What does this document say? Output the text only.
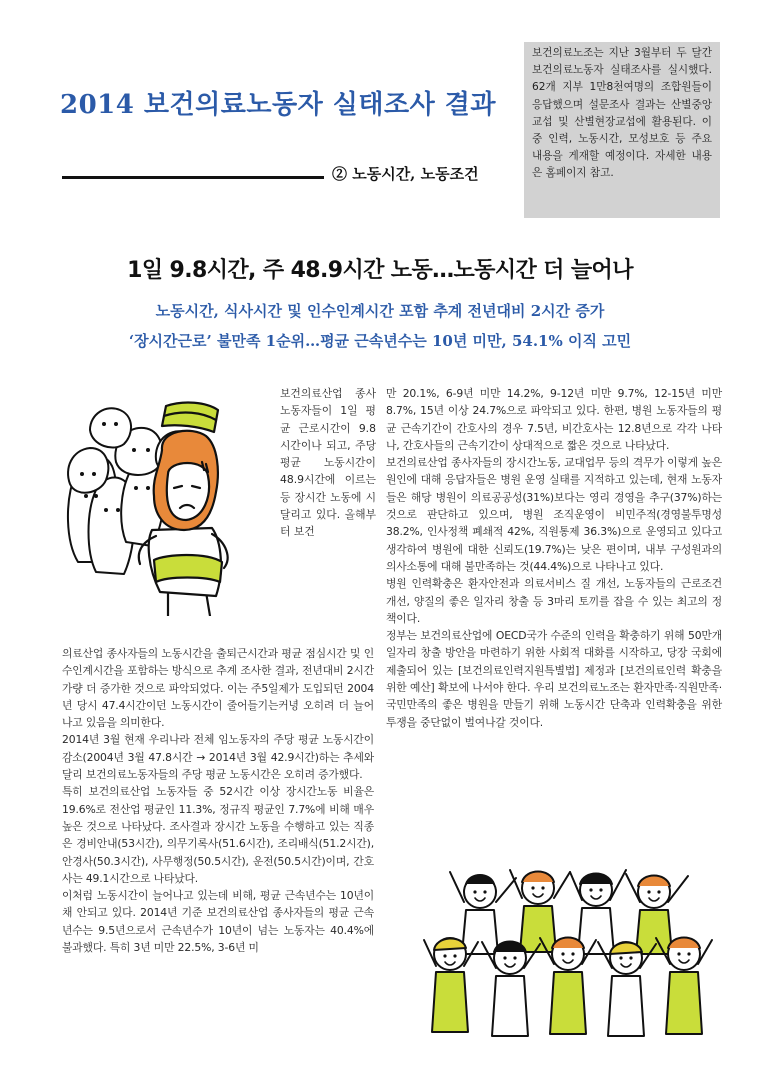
2014 보건의료노동자 실태조사 결과
② 노동시간, 노동조건
보건의료노조는 지난 3월부터 두 달간 보건의료노동자 실태조사를 실시했다. 62개 지부 1만8천여명의 조합원들이 응답했으며 설문조사 결과는 산별중앙교섭 및 산별현장교섭에 활용된다. 이 중 인력, 노동시간, 모성보호 등 주요 내용을 게재할 예정이다. 자세한 내용은 홈페이지 참고.
1일 9.8시간, 주 48.9시간 노동…노동시간 더 늘어나
노동시간, 식사시간 및 인수인계시간 포함 추계 전년대비 2시간 증가
‘장시간근로’ 불만족 1순위…평균 근속년수는 10년 미만, 54.1% 이직 고민

보건의료산업 종사 노동자들이 1일 평균 근로시간이 9.8시간이나 되고, 주당 평균 노동시간이 48.9시간에 이르는 등 장시간 노동에 시달리고 있다. 올해부터 보건

의료산업 종사자들의 노동시간을 출퇴근시간과 평균 점심시간 및 인수인계시간을 포함하는 방식으로 추계 조사한 결과, 전년대비 2시간 가량 더 증가한 것으로 파악되었다. 이는 주5일제가 도입되던 2004년 당시 47.4시간이던 노동시간이 줄어들기는커녕 오히려 더 늘어나고 있음을 의미한다.

2014년 3월 현재 우리나라 전체 임노동자의 주당 평균 노동시간이 감소(2004년 3월 47.8시간 → 2014년 3월 42.9시간)하는 추세와 달리 보건의료노동자들의 주당 평균 노동시간은 오히려 증가했다.

특히 보건의료산업 노동자들 중 52시간 이상 장시간노동 비율은 19.6%로 전산업 평균인 11.3%, 정규직 평균인 7.7%에 비해 매우 높은 것으로 나타났다. 조사결과 장시간 노동을 수행하고 있는 직종은 경비안내(53시간), 의무기록사(51.6시간), 조리배식(51.2시간), 안경사(50.3시간), 사무행정(50.5시간), 운전(50.5시간)이며, 간호사는 49.1시간으로 나타났다.

이처럼 노동시간이 늘어나고 있는데 비해, 평균 근속년수는 10년이 채 안되고 있다. 2014년 기준 보건의료산업 종사자들의 평균 근속년수는 9.5년으로서 근속년수가 10년이 넘는 노동자는 40.4%에 불과했다. 특히 3년 미만 22.5%, 3-6년 미

만 20.1%, 6-9년 미만 14.2%, 9-12년 미만 9.7%, 12-15년 미만 8.7%, 15년 이상 24.7%으로 파악되고 있다. 한편, 병원 노동자들의 평균 근속기간이 간호사의 경우 7.5년, 비간호사는 12.8년으로 각각 나타나, 간호사들의 근속기간이 상대적으로 짧은 것으로 나타났다.

보건의료산업 종사자들의 장시간노동, 교대업무 등의 격무가 이렇게 높은 원인에 대해 응답자들은 병원 운영 실태를 지적하고 있는데, 현재 노동자들은 해당 병원이 의료공공성(31%)보다는 영리 경영을 추구(37%)하는 것으로 판단하고 있으며, 병원 조직운영이 비민주적(경영불투명성 38.2%, 인사정책 폐쇄적 42%, 직원통제 36.3%)으로 운영되고 있다고 생각하여 병원에 대한 신뢰도(19.7%)는 낮은 편이며, 내부 구성원과의 의사소통에 대해 불만족하는 것(44.4%)으로 나타나고 있다.

병원 인력확충은 환자안전과 의료서비스 질 개선, 노동자들의 근로조건 개선, 양질의 좋은 일자리 창출 등 3마리 토끼를 잡을 수 있는 최고의 정책이다.

정부는 보건의료산업에 OECD국가 수준의 인력을 확충하기 위해 50만개 일자리 창출 방안을 마련하기 위한 사회적 대화를 시작하고, 당장 국회에 제출되어 있는 [보건의료인력지원특별법] 제정과 [보건의료인력 확충을 위한 예산] 확보에 나서야 한다. 우리 보건의료노조는 환자만족·직원만족·국민만족의 좋은 병원을 만들기 위해 노동시간 단축과 인력확충을 위한 투쟁을 중단없이 벌여나갈 것이다.
